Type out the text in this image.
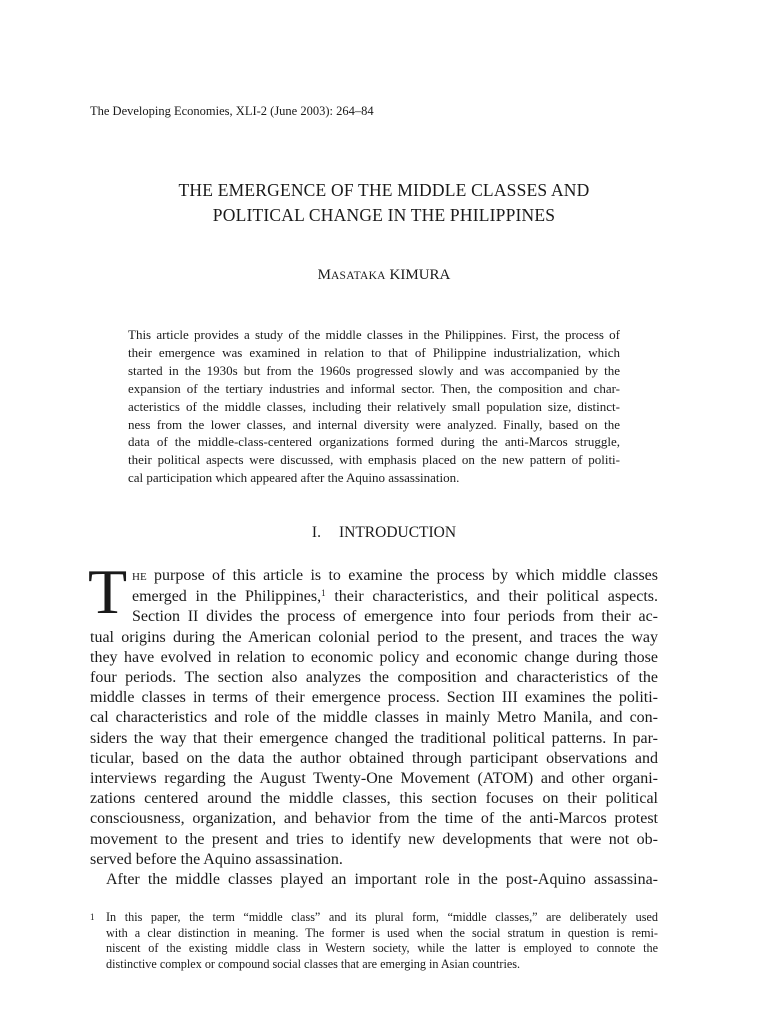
The Developing Economies, XLI-2 (June 2003): 264–84
THE EMERGENCE OF THE MIDDLE CLASSES AND
POLITICAL CHANGE IN THE PHILIPPINES
MASATAKA KIMURA
This article provides a study of the middle classes in the Philippines. First, the process of
their emergence was examined in relation to that of Philippine industrialization, which
started in the 1930s but from the 1960s progressed slowly and was accompanied by the
expansion of the tertiary industries and informal sector. Then, the composition and char-
acteristics of the middle classes, including their relatively small population size, distinct-
ness from the lower classes, and internal diversity were analyzed. Finally, based on the
data of the middle-class-centered organizations formed during the anti-Marcos struggle,
their political aspects were discussed, with emphasis placed on the new pattern of politi-
cal participation which appeared after the Aquino assassination.
I. INTRODUCTION
T HE purpose of this article is to examine the process by which middle classes
emerged in the Philippines,$^1$ their characteristics, and their political aspects.
Section II divides the process of emergence into four periods from their ac-
tual origins during the American colonial period to the present, and traces the way
they have evolved in relation to economic policy and economic change during those
four periods. The section also analyzes the composition and characteristics of the
middle classes in terms of their emergence process. Section III examines the politi-
cal characteristics and role of the middle classes in mainly Metro Manila, and con-
siders the way that their emergence changed the traditional political patterns. In par-
ticular, based on the data the author obtained through participant observations and
interviews regarding the August Twenty-One Movement (ATOM) and other organi-
zations centered around the middle classes, this section focuses on their political
consciousness, organization, and behavior from the time of the anti-Marcos protest
movement to the present and tries to identify new developments that were not ob-
served before the Aquino assassination.
After the middle classes played an important role in the post-Aquino assassina-
1 In this paper, the term “middle class” and its plural form, “middle classes,” are deliberately used
with a clear distinction in meaning. The former is used when the social stratum in question is remi-
niscent of the existing middle class in Western society, while the latter is employed to connote the
distinctive complex or compound social classes that are emerging in Asian countries.
